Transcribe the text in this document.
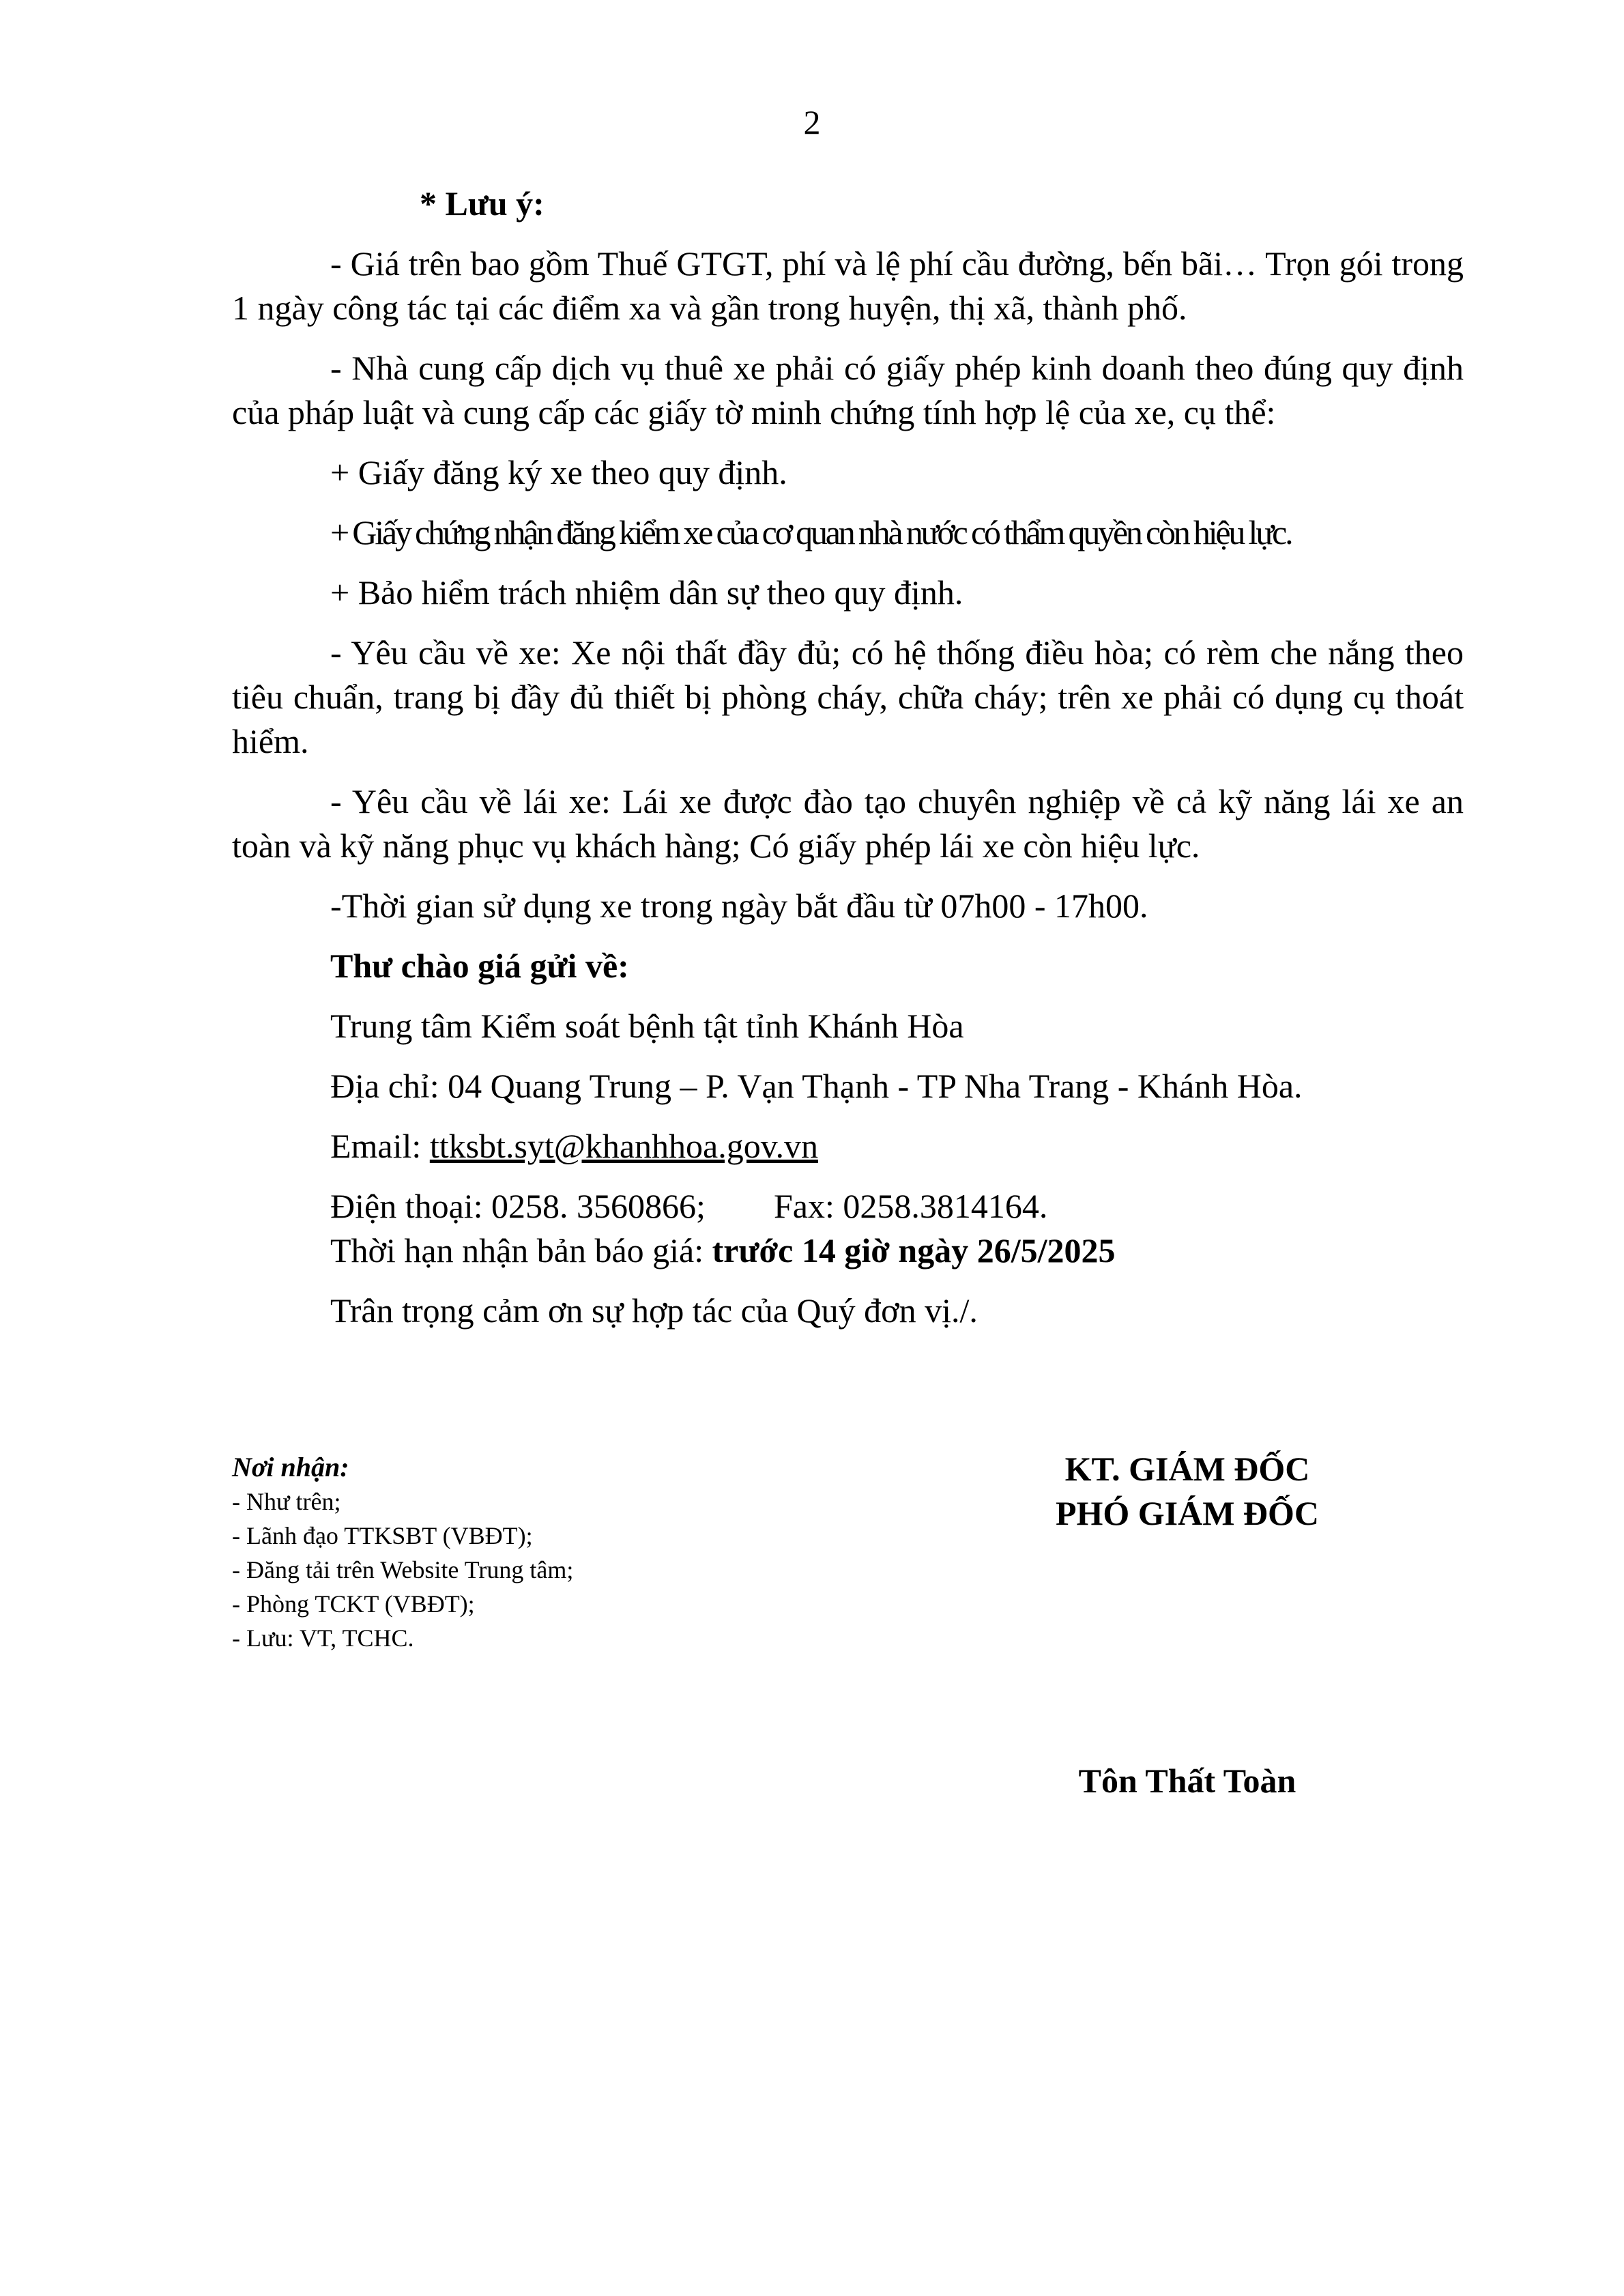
2
* Lưu ý:

- Giá trên bao gồm Thuế GTGT, phí và lệ phí cầu đường, bến bãi… Trọn gói trong 1 ngày công tác tại các điểm xa và gần trong huyện, thị xã, thành phố.

- Nhà cung cấp dịch vụ thuê xe phải có giấy phép kinh doanh theo đúng quy định của pháp luật và cung cấp các giấy tờ minh chứng tính hợp lệ của xe, cụ thể:

+ Giấy đăng ký xe theo quy định.
+ Giấy chứng nhận đăng kiểm xe của cơ quan nhà nước có thẩm quyền còn hiệu lực.
+ Bảo hiểm trách nhiệm dân sự theo quy định.

- Yêu cầu về xe: Xe nội thất đầy đủ; có hệ thống điều hòa; có rèm che nắng theo tiêu chuẩn, trang bị đầy đủ thiết bị phòng cháy, chữa cháy; trên xe phải có dụng cụ thoát hiểm.

- Yêu cầu về lái xe: Lái xe được đào tạo chuyên nghiệp về cả kỹ năng lái xe an toàn và kỹ năng phục vụ khách hàng; Có giấy phép lái xe còn hiệu lực.

-Thời gian sử dụng xe trong ngày bắt đầu từ 07h00 - 17h00.
Thư chào giá gửi về:
Trung tâm Kiểm soát bệnh tật tỉnh Khánh Hòa
Địa chỉ: 04 Quang Trung – P. Vạn Thạnh - TP Nha Trang - Khánh Hòa.
Email: ttksbt.syt@khanhhoa.gov.vn
Điện thoại: 0258. 3560866; Fax: 0258.3814164.
Thời hạn nhận bản báo giá: trước 14 giờ ngày 26/5/2025
Trân trọng cảm ơn sự hợp tác của Quý đơn vị./.
Nơi nhận:
- Như trên;
- Lãnh đạo TTKSBT (VBĐT);
- Đăng tải trên Website Trung tâm;
- Phòng TCKT (VBĐT);
- Lưu: VT, TCHC.
KT. GIÁM ĐỐC
PHÓ GIÁM ĐỐC
Tôn Thất Toàn
